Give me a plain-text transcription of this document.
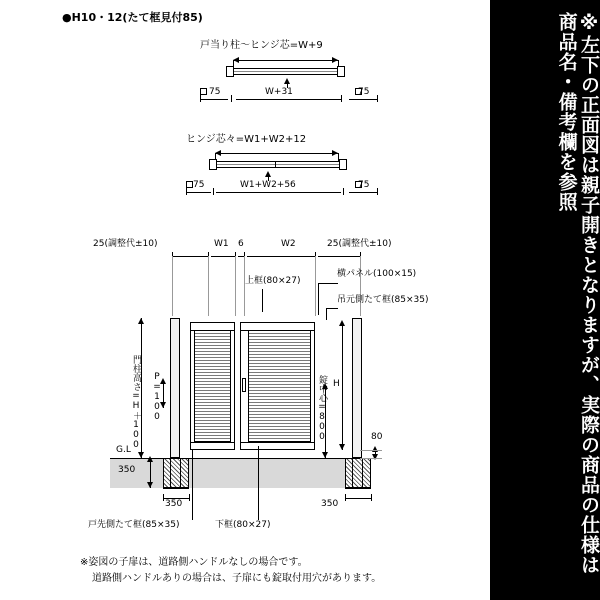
●H10・12(たて框見付85)
戸当り柱～ヒンジ芯=W+9
75	W+31	75
ヒンジ芯々=W1+W2+12
75	W1+W2+56	75
25(調整代±10)	W1 6	W2	25(調整代±10)
上框(80×27)
横パネル(100×15)
吊元側たて框(85×35)
G.L
350	350
門柱高さ=H＋100 P=100
350
錠中心=800 H
80
戸先側たて框(85×35)	下框(80×27)
※姿図の子扉は、道路側ハンドルなしの場合です。
道路側ハンドルありの場合は、子扉にも錠取付用穴があります。
※左下の正面図は親子開きとなりますが、実際の商品の仕様は商品名・備考欄を参照
